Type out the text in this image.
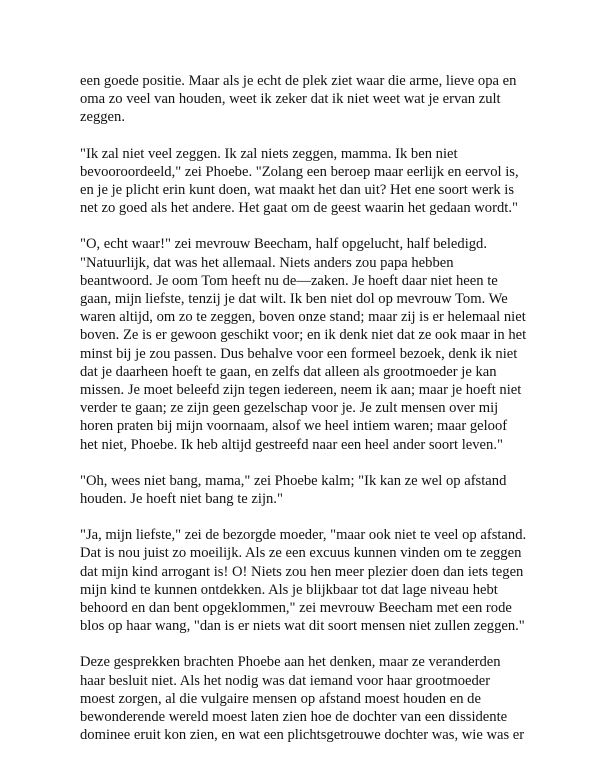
een goede positie. Maar als je echt de plek ziet waar die arme, lieve opa en oma zo veel van houden, weet ik zeker dat ik niet weet wat je ervan zult zeggen.

"Ik zal niet veel zeggen. Ik zal niets zeggen, mamma. Ik ben niet bevooroordeeld," zei Phoebe. "Zolang een beroep maar eerlijk en eervol is, en je je plicht erin kunt doen, wat maakt het dan uit? Het ene soort werk is net zo goed als het andere. Het gaat om de geest waarin het gedaan wordt."

"O, echt waar!" zei mevrouw Beecham, half opgelucht, half beledigd. "Natuurlijk, dat was het allemaal. Niets anders zou papa hebben beantwoord. Je oom Tom heeft nu de—zaken. Je hoeft daar niet heen te gaan, mijn liefste, tenzij je dat wilt. Ik ben niet dol op mevrouw Tom. We waren altijd, om zo te zeggen, boven onze stand; maar zij is er helemaal niet boven. Ze is er gewoon geschikt voor; en ik denk niet dat ze ook maar in het minst bij je zou passen. Dus behalve voor een formeel bezoek, denk ik niet dat je daarheen hoeft te gaan, en zelfs dat alleen als grootmoeder je kan missen. Je moet beleefd zijn tegen iedereen, neem ik aan; maar je hoeft niet verder te gaan; ze zijn geen gezelschap voor je. Je zult mensen over mij horen praten bij mijn voornaam, alsof we heel intiem waren; maar geloof het niet, Phoebe. Ik heb altijd gestreefd naar een heel ander soort leven."

"Oh, wees niet bang, mama," zei Phoebe kalm; "Ik kan ze wel op afstand houden. Je hoeft niet bang te zijn."

"Ja, mijn liefste," zei de bezorgde moeder, "maar ook niet te veel op afstand. Dat is nou juist zo moeilijk. Als ze een excuus kunnen vinden om te zeggen dat mijn kind arrogant is! O! Niets zou hen meer plezier doen dan iets tegen mijn kind te kunnen ontdekken. Als je blijkbaar tot dat lage niveau hebt behoord en dan bent opgeklommen," zei mevrouw Beecham met een rode blos op haar wang, "dan is er niets wat dit soort mensen niet zullen zeggen."

Deze gesprekken brachten Phoebe aan het denken, maar ze veranderden haar besluit niet. Als het nodig was dat iemand voor haar grootmoeder moest zorgen, al die vulgaire mensen op afstand moest houden en de bewonderende wereld moest laten zien hoe de dochter van een dissidente dominee eruit kon zien, en wat een plichtsgetrouwe dochter was, wie was er
